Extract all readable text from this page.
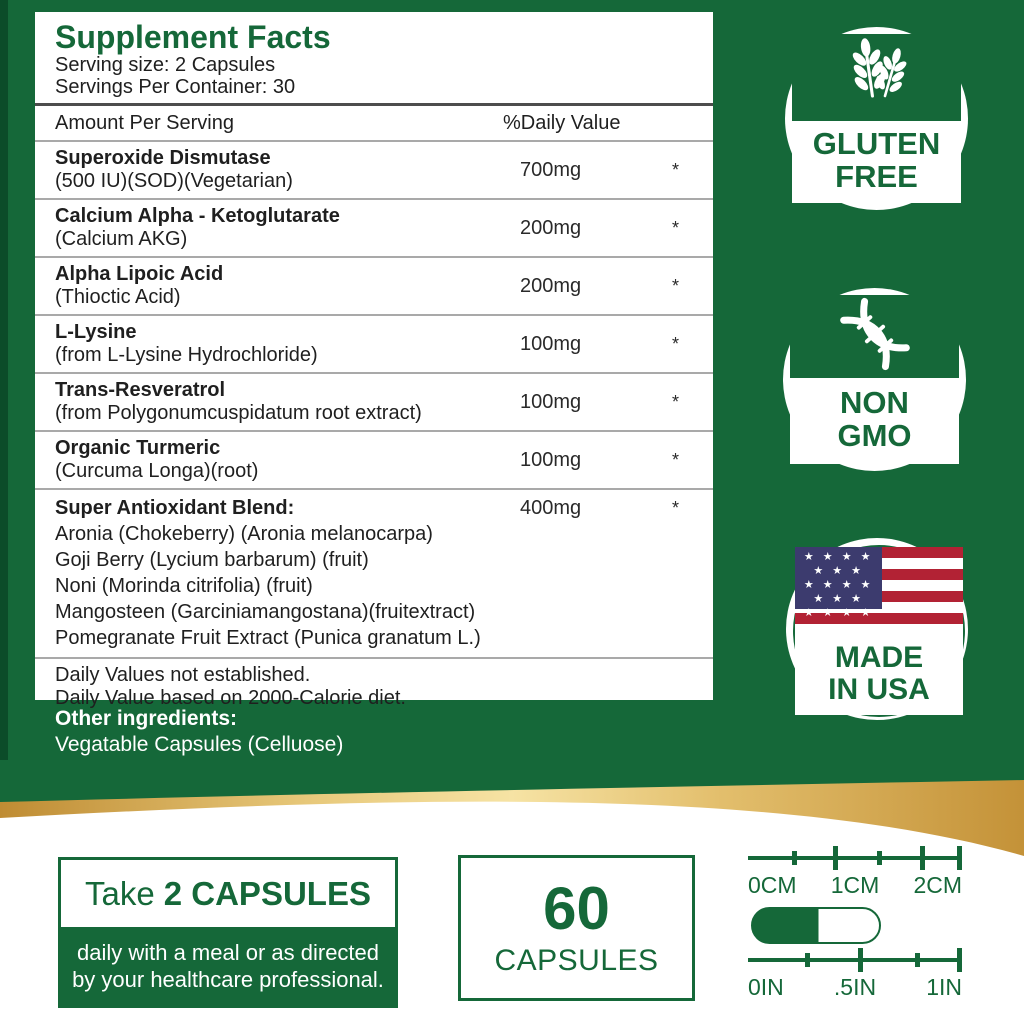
Supplement Facts
Serving size: 2 Capsules
Servings Per Container: 30
Amount Per Serving	%Daily Value
Superoxide Dismutase
(500 IU)(SOD)(Vegetarian)
700mg	*
Calcium Alpha - Ketoglutarate
(Calcium AKG)
200mg	*
Alpha Lipoic Acid
(Thioctic Acid)
200mg	*
L-Lysine
(from L-Lysine Hydrochloride)
100mg	*
Trans-Resveratrol
(from Polygonumcuspidatum root extract)
100mg	*
Organic Turmeric
(Curcuma Longa)(root)
100mg	*
Super Antioxidant Blend:	400mg	*
Aronia (Chokeberry) (Aronia melanocarpa)
Goji Berry (Lycium barbarum) (fruit)
Noni (Morinda citrifolia) (fruit)
Mangosteen (Garciniamangostana)(fruitextract)
Pomegranate Fruit Extract (Punica granatum L.)
Daily Values not established.
Daily Value based on 2000-Calorie diet.
Other ingredients:
Vegatable Capsules (Celluose)
GLUTEN
FREE
NON
GMO
★ ★ ★ ★
★ ★ ★
★ ★ ★ ★
★ ★ ★
★ ★ ★ ★
MADE
IN USA
Take 2 CAPSULES
daily with a meal or as directed
by your healthcare professional.
60
CAPSULES
0CM 1CM 2CM
0IN .5IN 1IN
